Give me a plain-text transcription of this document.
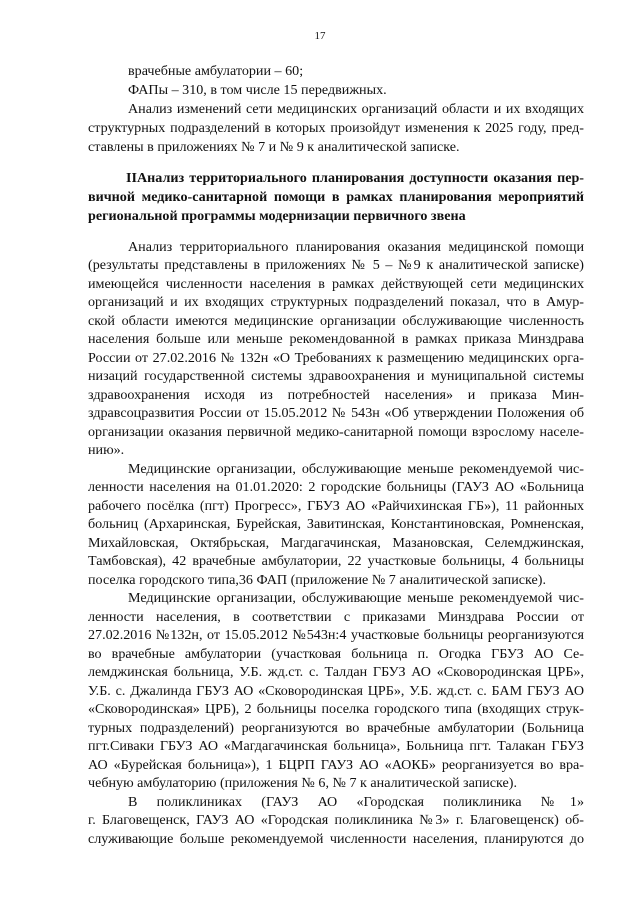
17
врачебные амбулатории – 60;
ФАПы – 310, в том числе 15 передвижных.
Анализ изменений сети медицинских организаций области и их входящих
структурных подразделений в которых произойдут изменения к 2025 году, пред-
ставлены в приложениях № 7 и № 9 к аналитической записке.
IIАнализ территориального планирования доступности оказания пер-
вичной медико-санитарной помощи в рамках планирования мероприятий
региональной программы модернизации первичного звена
Анализ территориального планирования оказания медицинской помощи
(результаты представлены в приложениях № 5 – №9 к аналитической записке)
имеющейся численности населения в рамках действующей сети медицинских
организаций и их входящих структурных подразделений показал, что в Амур-
ской области имеются медицинские организации обслуживающие численность
населения больше или меньше рекомендованной в рамках приказа Минздрава
России от 27.02.2016 № 132н «О Требованиях к размещению медицинских орга-
низаций государственной системы здравоохранения и муниципальной системы
здравоохранения исходя из потребностей населения» и приказа Мин-
здравсоцразвития России от 15.05.2012 № 543н «Об утверждении Положения об
организации оказания первичной медико-санитарной помощи взрослому населе-
нию».
Медицинские организации, обслуживающие меньше рекомендуемой чис-
ленности населения на 01.01.2020: 2 городские больницы (ГАУЗ АО «Больница
рабочего посёлка (пгт) Прогресс», ГБУЗ АО «Райчихинская ГБ»), 11 районных
больниц (Архаринская, Бурейская, Завитинская, Константиновская, Ромненская,
Михайловская, Октябрьская, Магдагачинская, Мазановская, Селемджинская,
Тамбовская), 42 врачебные амбулатории, 22 участковые больницы, 4 больницы
поселка городского типа,36 ФАП (приложение № 7 аналитической записке).
Медицинские организации, обслуживающие меньше рекомендуемой чис-
ленности населения, в соответствии с приказами Минздрава России от
27.02.2016 №132н, от 15.05.2012 №543н:4 участковые больницы реорганизуются
во врачебные амбулатории (участковая больница п. Огодка ГБУЗ АО Се-
лемджинская больница, У.Б. жд.ст. с. Талдан ГБУЗ АО «Сковородинская ЦРБ»,
У.Б. с. Джалинда ГБУЗ АО «Сковородинская ЦРБ», У.Б. жд.ст. с. БАМ ГБУЗ АО
«Сковородинская» ЦРБ), 2 больницы поселка городского типа (входящих струк-
турных подразделений) реорганизуются во врачебные амбулатории (Больница
пгт.Сиваки ГБУЗ АО «Магдагачинская больница», Больница пгт. Талакан ГБУЗ
АО «Бурейская больница»), 1 БЦРП ГАУЗ АО «АОКБ» реорганизуется во вра-
чебную амбулаторию (приложения № 6, № 7 к аналитической записке).
В поликлиниках (ГАУЗ АО «Городская поликлиника №1»
г. Благовещенск, ГАУЗ АО «Городская поликлиника №3» г. Благовещенск) об-
служивающие больше рекомендуемой численности населения, планируются до
